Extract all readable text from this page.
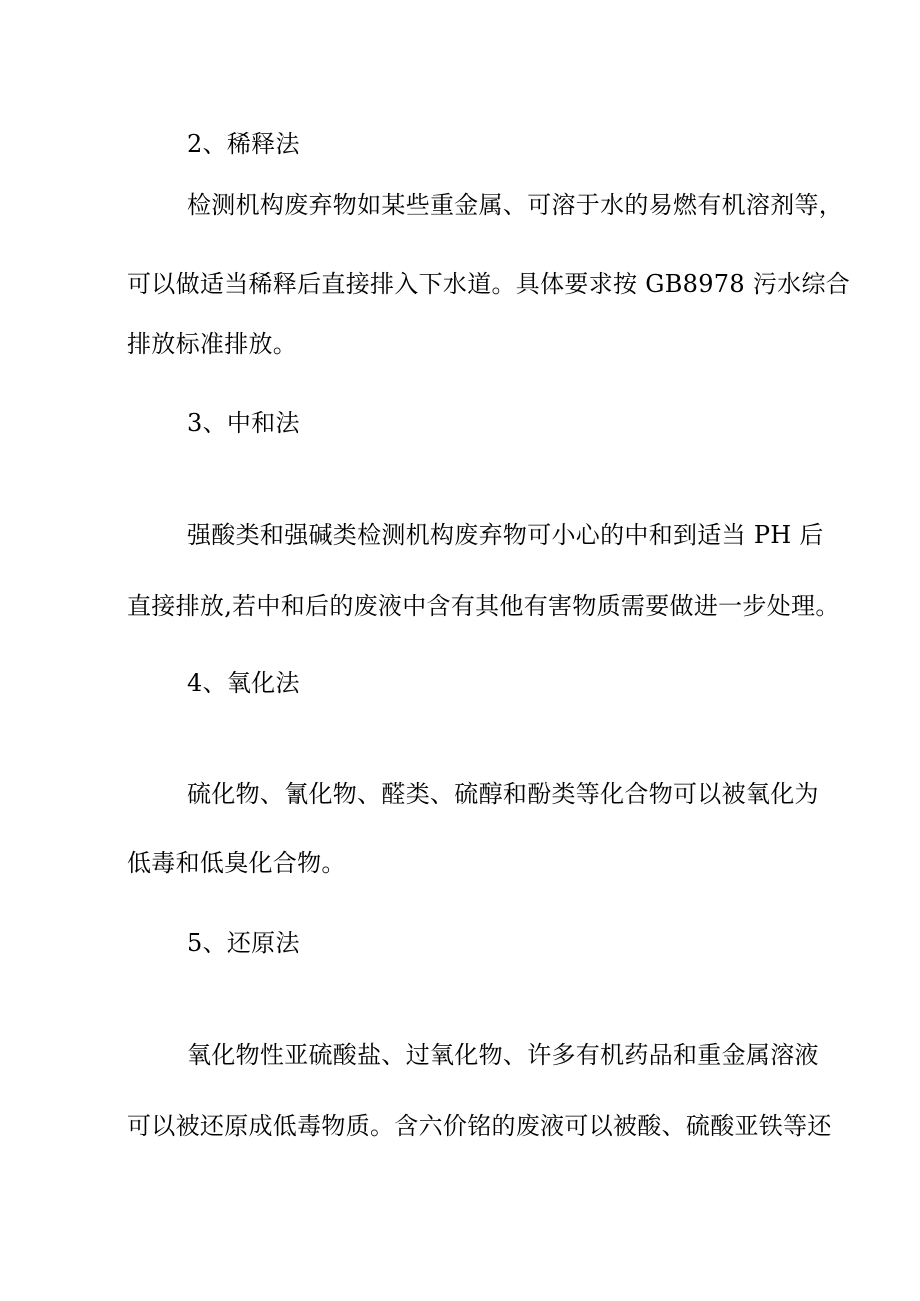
2、稀释法
检测机构废弃物如某些重金属、可溶于水的易燃有机溶剂等，
可以做适当稀释后直接排入下水道。具体要求按 GB8978 污水综合
排放标准排放。
3、中和法
强酸类和强碱类检测机构废弃物可小心的中和到适当 PH 后
直接排放,若中和后的废液中含有其他有害物质需要做进一步处理。
4、氧化法
硫化物、氰化物、醛类、硫醇和酚类等化合物可以被氧化为
低毒和低臭化合物。
5、还原法
氧化物性亚硫酸盐、过氧化物、许多有机药品和重金属溶液
可以被还原成低毒物质。含六价铭的废液可以被酸、硫酸亚铁等还
